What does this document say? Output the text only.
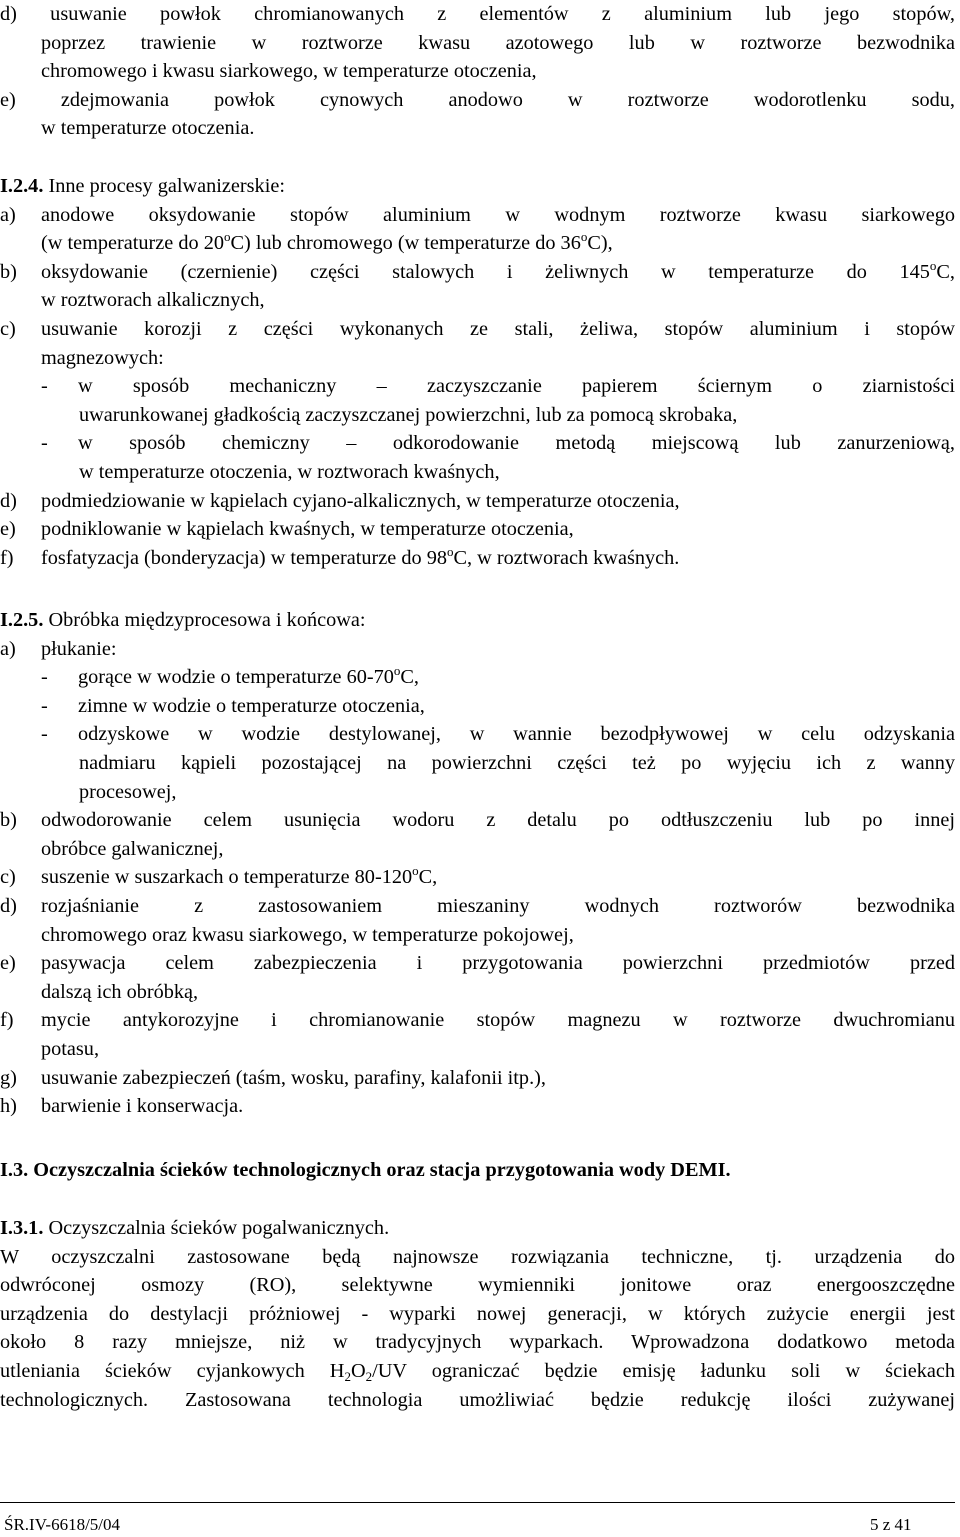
d) usuwanie powłok chromianowanych z elementów z aluminium lub jego stopów,
poprzez trawienie w roztworze kwasu azotowego lub w roztworze bezwodnika
chromowego i kwasu siarkowego, w temperaturze otoczenia,
e) zdejmowania powłok cynowych anodowo w roztworze wodorotlenku sodu,
w temperaturze otoczenia.
I.2.4. Inne procesy galwanizerskie:
a) anodowe oksydowanie stopów aluminium w wodnym roztworze kwasu siarkowego
(w temperaturze do 20$^o$C) lub chromowego (w temperaturze do 36$^o$C),
b) oksydowanie (czernienie) części stalowych i żeliwnych w temperaturze do 145$^o$C,
w roztworach alkalicznych,
c) usuwanie korozji z części wykonanych ze stali, żeliwa, stopów aluminium i stopów
magnezowych:
- w sposób mechaniczny – zaczyszczanie papierem ściernym o ziarnistości
uwarunkowanej gładkością zaczyszczanej powierzchni, lub za pomocą skrobaka,
- w sposób chemiczny – odkorodowanie metodą miejscową lub zanurzeniową,
w temperaturze otoczenia, w roztworach kwaśnych,
d) podmiedziowanie w kąpielach cyjano-alkalicznych, w temperaturze otoczenia,
e) podniklowanie w kąpielach kwaśnych, w temperaturze otoczenia,
f) fosfatyzacja (bonderyzacja) w temperaturze do 98$^o$C, w roztworach kwaśnych.
I.2.5. Obróbka międzyprocesowa i końcowa:
a) płukanie:
- gorące w wodzie o temperaturze 60-70$^o$C,
- zimne w wodzie o temperaturze otoczenia,
- odzyskowe w wodzie destylowanej, w wannie bezodpływowej w celu odzyskania
nadmiaru kąpieli pozostającej na powierzchni części też po wyjęciu ich z wanny
procesowej,
b) odwodorowanie celem usunięcia wodoru z detalu po odtłuszczeniu lub po innej
obróbce galwanicznej,
c) suszenie w suszarkach o temperaturze 80-120$^o$C,
d) rozjaśnianie z zastosowaniem mieszaniny wodnych roztworów bezwodnika
chromowego oraz kwasu siarkowego, w temperaturze pokojowej,
e) pasywacja celem zabezpieczenia i przygotowania powierzchni przedmiotów przed
dalszą ich obróbką,
f) mycie antykorozyjne i chromianowanie stopów magnezu w roztworze dwuchromianu
potasu,
g) usuwanie zabezpieczeń (taśm, wosku, parafiny, kalafonii itp.),
h) barwienie i konserwacja.
I.3. Oczyszczalnia ścieków technologicznych oraz stacja przygotowania wody DEMI.
I.3.1. Oczyszczalnia ścieków pogalwanicznych.
W oczyszczalni zastosowane będą najnowsze rozwiązania techniczne, tj. urządzenia do
odwróconej osmozy (RO), selektywne wymienniki jonitowe oraz energooszczędne
urządzenia do destylacji próżniowej - wyparki nowej generacji, w których zużycie energii jest
około 8 razy mniejsze, niż w tradycyjnych wyparkach. Wprowadzona dodatkowo metoda
utleniania ścieków cyjankowych $H_2O_2/UV$ ograniczać będzie emisję ładunku soli w ściekach
technologicznych. Zastosowana technologia umożliwiać będzie redukcję ilości zużywanej
ŚR.IV-6618/5/04	5 z 41
